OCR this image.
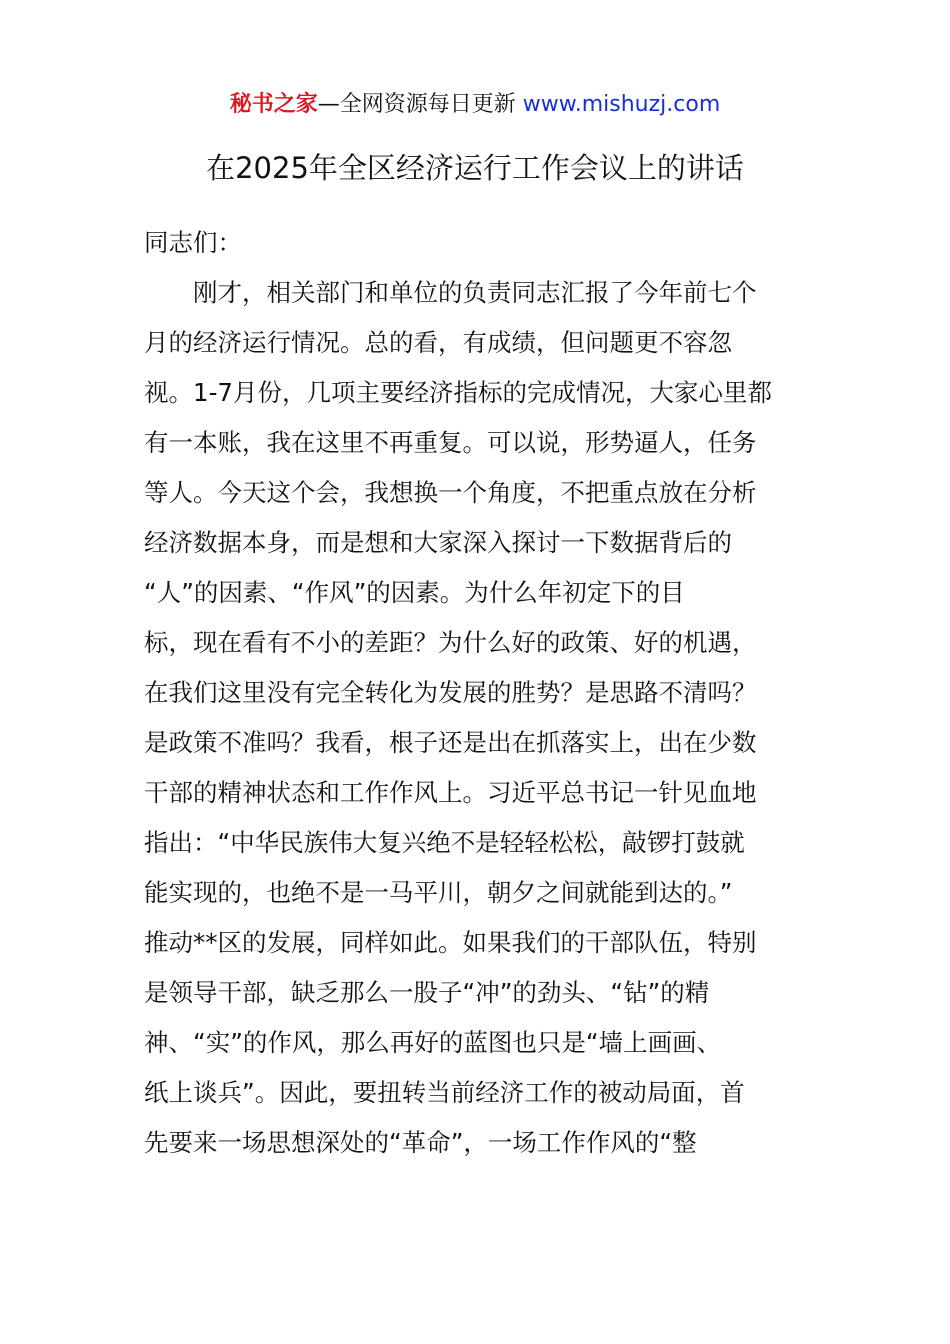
秘书之家—全网资源每日更新 www.mishuzj.com
在2025年全区经济运行工作会议上的讲话
同志们：
刚才，相关部门和单位的负责同志汇报了今年前七个
月的经济运行情况。总的看，有成绩，但问题更不容忽
视。1-7月份，几项主要经济指标的完成情况，大家心里都
有一本账，我在这里不再重复。可以说，形势逼人，任务
等人。今天这个会，我想换一个角度，不把重点放在分析
经济数据本身，而是想和大家深入探讨一下数据背后的
“人”的因素、“作风”的因素。为什么年初定下的目
标，现在看有不小的差距？为什么好的政策、好的机遇，
在我们这里没有完全转化为发展的胜势？是思路不清吗？
是政策不准吗？我看，根子还是出在抓落实上，出在少数
干部的精神状态和工作作风上。习近平总书记一针见血地
指出：“中华民族伟大复兴绝不是轻轻松松，敲锣打鼓就
能实现的，也绝不是一马平川，朝夕之间就能到达的。”
推动**区的发展，同样如此。如果我们的干部队伍，特别
是领导干部，缺乏那么一股子“冲”的劲头、“钻”的精
神、“实”的作风，那么再好的蓝图也只是“墙上画画、
纸上谈兵”。因此，要扭转当前经济工作的被动局面，首
先要来一场思想深处的“革命”，一场工作作风的“整
